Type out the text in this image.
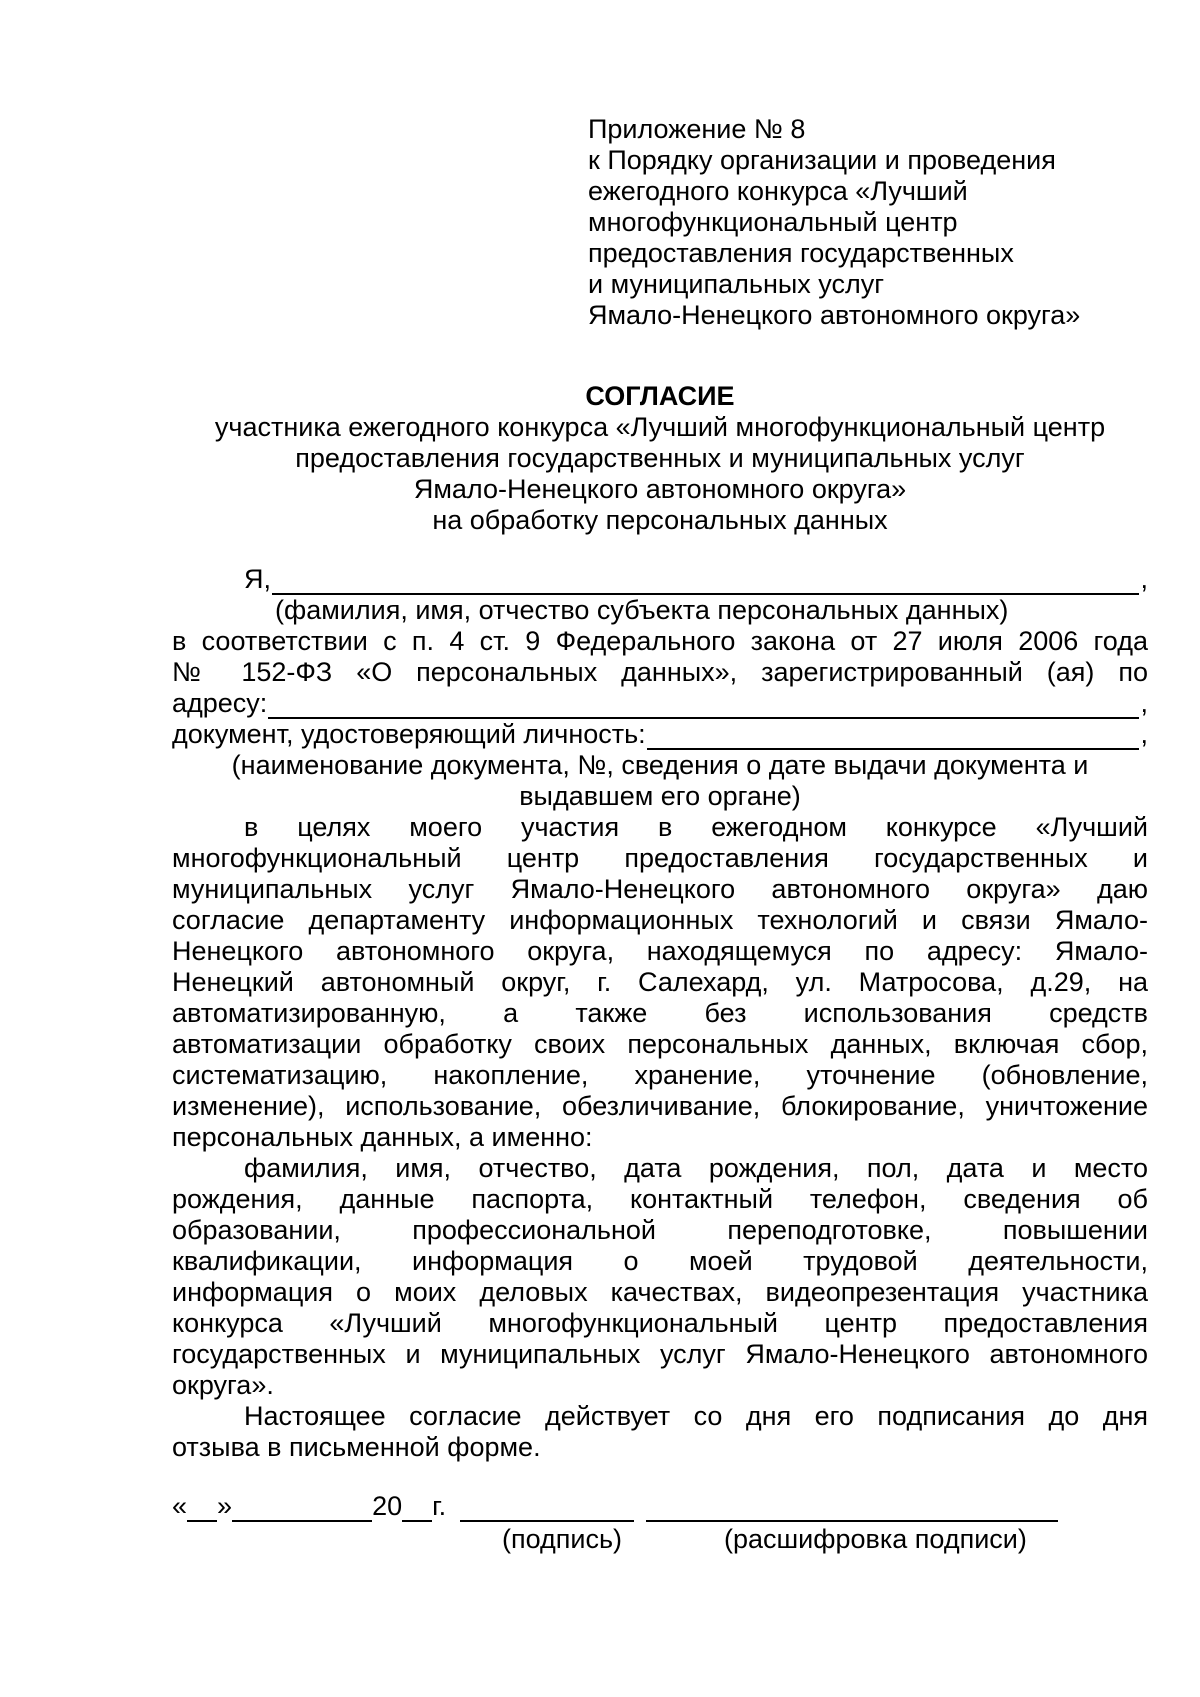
Приложение № 8
к Порядку организации и проведения
ежегодного конкурса «Лучший
многофункциональный центр
предоставления государственных
и муниципальных услуг
Ямало-Ненецкого автономного округа»
СОГЛАСИЕ
участника ежегодного конкурса «Лучший многофункциональный центр
предоставления государственных и муниципальных услуг
Ямало-Ненецкого автономного округа»
на обработку персональных данных
Я,	,
(фамилия, имя, отчество субъекта персональных данных)
в соответствии с п. 4 ст. 9 Федерального закона от 27 июля 2006 года
№ 152-ФЗ «О персональных данных», зарегистрированный (ая) по
адресу:	,
документ, удостоверяющий личность:	,
(наименование документа, №, сведения о дате выдачи документа и
выдавшем его органе)
в целях моего участия в ежегодном конкурсе «Лучший
многофункциональный центр предоставления государственных и
муниципальных услуг Ямало-Ненецкого автономного округа» даю
согласие департаменту информационных технологий и связи Ямало-
Ненецкого автономного округа, находящемуся по адресу: Ямало-
Ненецкий автономный округ, г. Салехард, ул. Матросова, д.29, на
автоматизированную, а также без использования средств
автоматизации обработку своих персональных данных, включая сбор,
систематизацию, накопление, хранение, уточнение (обновление,
изменение), использование, обезличивание, блокирование, уничтожение
персональных данных, а именно:
фамилия, имя, отчество, дата рождения, пол, дата и место
рождения, данные паспорта, контактный телефон, сведения об
образовании, профессиональной переподготовке, повышении
квалификации, информация о моей трудовой деятельности,
информация о моих деловых качествах, видеопрезентация участника
конкурса «Лучший многофункциональный центр предоставления
государственных и муниципальных услуг Ямало-Ненецкого автономного
округа».
Настоящее согласие действует со дня его подписания до дня
отзыва в письменной форме.
« »	20 г.
(подпись)	(расшифровка подписи)
